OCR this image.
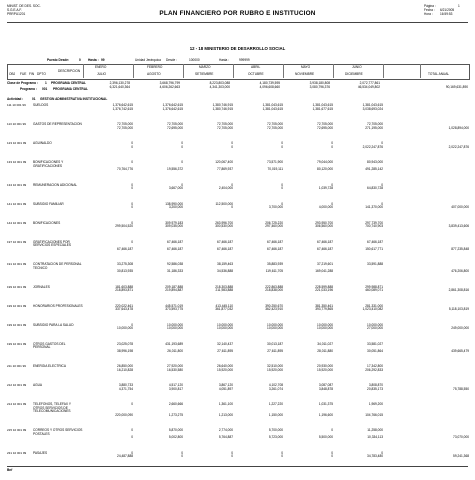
MINIST. DE DES. SOC.
S.G.E.A.F.
PRRPU1201
Página :	1
Fecha : 6/21/2005
Hora : 16:59:53
PLAN FINANCIERO POR RUBRO E INSTITUCION
12 - 18 MINISTERIO DE DESARROLLO SOCIAL
Puesto Desde:	0 Hasta : 99	Unidad Jerárquica Desde :	100000	Hasta :	999999
OBJ FUE FIN DPTO
DESCRIPCION
ENERO	FEBRERO	MARZO	ABRIL	MAYO	JUNIO
JULIO	AGOSTO	SETIEMBRE	OCTUBRE	NOVIEMBRE	DICIEMBRE	TOTAL ANUAL
Clase de Programa : 1 PROGRAMA CENTRAL
Programa : 001 PROGRAMA CENTRAL
2,396,130,278	3,668,796,799	8,223,803,088	4,180,739,595	3,938,180,808	2,072,777,861
6,321,640,364	4,606,262,663	4,341,303,000	4,096,608,660	3,080,796,376	46,534,049,802	90,169,631,890
Actividad :	01 GESTION ADMINISTRATIVA INSTITUCIONAL
111 10 001 99	SUELDOS	1,376,642,615	1,376,642,615	1,380,746,915	1,381,043,615	1,381,043,615	1,381,043,615	
		1,376,742,615	1,376,642,615	1,380,746,915	1,381,043,615	1,381,677,615	3,038,693,024	

113 10 001 99	GASTOS DE REPRESENTACION	72,705,000	72,705,000	72,705,000	72,705,000	72,705,000	72,705,000	
		72,705,000	72,695,000	72,705,000	72,705,000	72,695,000	271,195,000	1,028,894,000

123 10 001 99	AGUINALDO	0	0	0	0	0	0	
		0	0	0	0	0	2,022,247,876	2,022,247,876

133 10 001 99	BONIFICACIONES Y GRATIFICACIONES	0	0	120,067,400	73,571,900	79,044,000	80,943,000	
		70,764,776	19,556,372	77,869,937	70,019,111	80,120,000	491,285,142	

134 10 001 99	REMUNERACION ADICIONAL	0	0	0	0	0	0	
		0	3,667,000	2,404,000	0	1,039,728	64,830,728	

141 10 001 99	SUBSIDIO FAMILIAR	0	138,990,000	112,500,000	0	0	0	
		0	3,200,000	0	3,700,000	4,000,000	141,370,000	407,000,000

144 10 001 99	BONIFICACIONES	0	309,979,183	263,996,700	206,725,220	293,950,700	297,739,700	
		299,504,520	309,035,000	300,530,000	297,460,000	306,560,000	700,740,903	3,839,413,606

197 10 001 99	GRATIFICACIONES POR SERVICIOS ESPECIALES	0	67,466,187	67,466,187	67,466,187	67,466,187	67,466,187	
		67,466,187	67,466,187	67,466,187	67,466,187	67,466,187	150,617,771	877,235,848

191 10 001 99	CONTRATACION DE PERSONAL TECNICO	33,275,308	92,586,038	38,159,463	35,883,939	37,219,601	33,591,888	
		30,813,935	31,186,333	34,536,888	119,611,705	169,041,288		476,206,800

199 10 001 99	JORNALES	181,603,888	209,187,888	218,303,888	222,863,888	228,599,888	299,988,871	
		218,893,871	219,894,887	211,983,888	218,838,000	221,033,196	460,089,071	2,861,308,816

199 10 001 99	HONORARIOS PROFESIONALES	220,022,461	445,571,019	413,445,110	390,250,670	381,350,461	281,331,000	
		337,643,478	373,593,775	361,877,032	362,423,910	393,779,865	1,023,410,082	5,118,103,819

199 10 001 99	SUBSIDIO PARA LA SALUD	0	10,000,000	10,000,000	10,000,000	10,000,000	10,000,000	
		10,000,000	10,000,000	10,000,000	10,000,000	10,000,000	27,000,000	249,000,000

199 10 001 99	OTROS GASTOS DEL PERSONAL	23,025,078	431,193,689	32,140,437	30,013,187	34,011,027	33,581,027	
		38,996,198	26,011,800	27,611,895	27,611,895	28,011,880	30,051,864	439,665,479

211 10 001 99	ENERGIA ELECTRICA	26,850,000	27,920,000	26,640,000	32,510,000	20,930,000	17,342,800	
		16,210,828	16,530,580	15,920,000	15,920,000	15,920,000	206,292,833	

212 10 001 99	AGUA	3,880,733	4,517,120	3,867,120	4,102,708	3,087,087	3,808,870	
		4,371,754	3,900,817	4,051,897	3,261,074	3,848,878	20,835,173	75,788,550

214 10 001 99	TELEFONOS, TELEFAX Y OTROS SERVICIOS DE TELECOMUNICACIONES	0	2,660,666	1,361,100	1,227,220	1,031,375	1,969,200	
		220,000,090	1,273,275	1,213,000	1,150,000	1,196,600	104,766,015	

215 10 001 99	CORREOS Y OTROS SERVICIOS POSTALES	0	5,870,000	2,774,000	5,700,000	0	11,258,000	
		0	5,002,800	5,764,887	5,723,000	5,500,000	10,334,113	73,070,000

231 10 001 99	PASAJES	0	0	0	0	0	0	
		24,487,888	0	0	0	0	34,783,480	59,241,368

Bnf
